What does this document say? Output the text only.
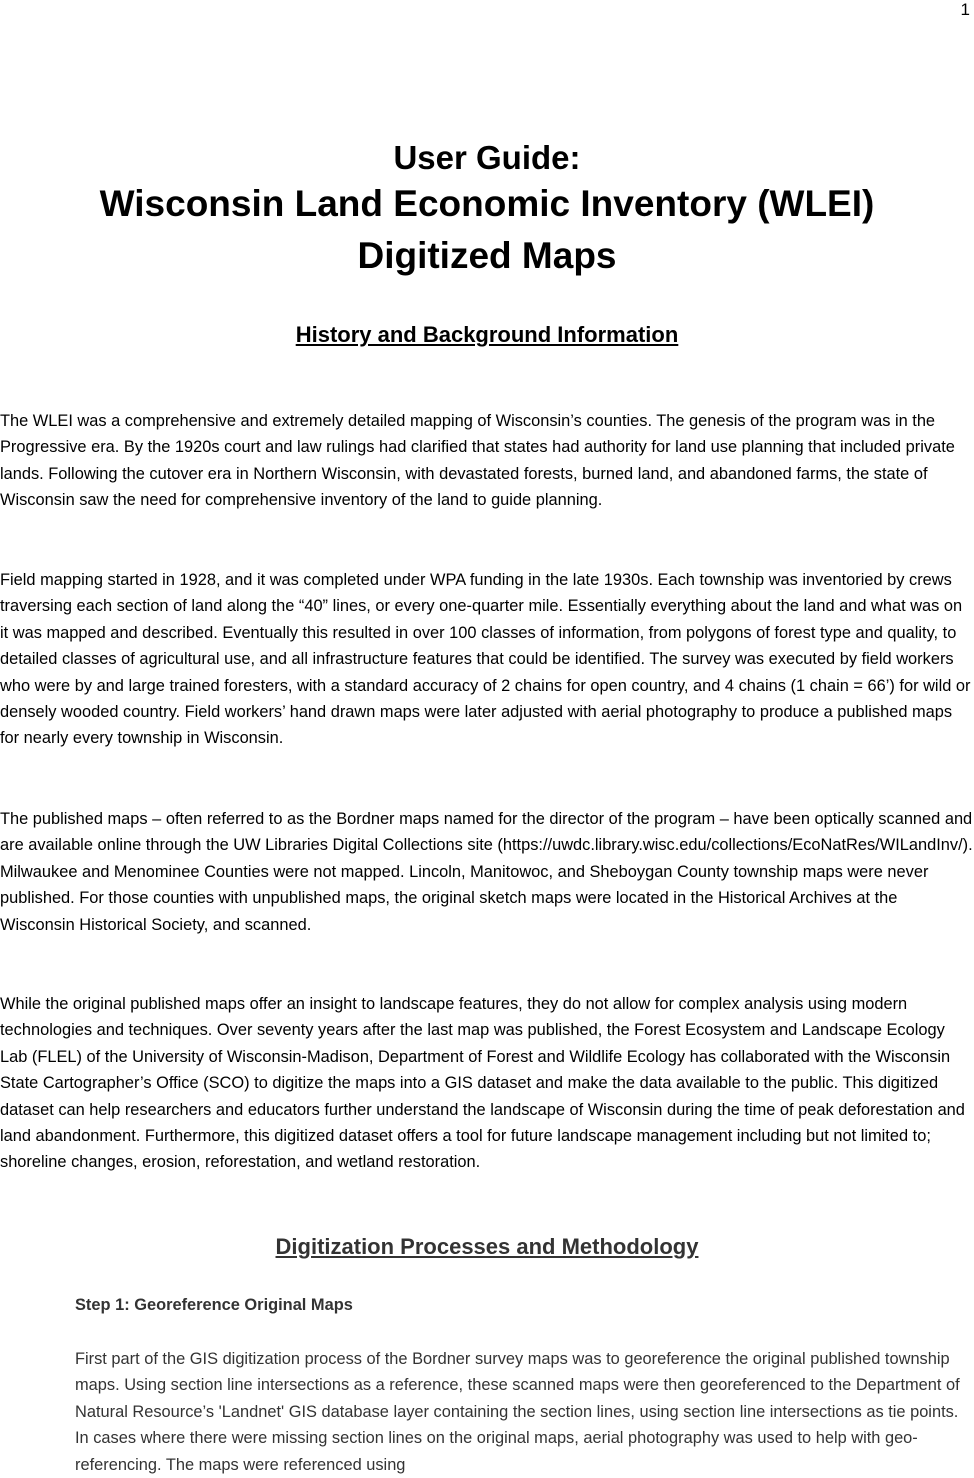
1
User Guide:
Wisconsin Land Economic Inventory (WLEI) Digitized Maps
History and Background Information

The WLEI was a comprehensive and extremely detailed mapping of Wisconsin’s counties. The genesis of the program was in the Progressive era. By the 1920s court and law rulings had clarified that states had authority for land use planning that included private lands. Following the cutover era in Northern Wisconsin, with devastated forests, burned land, and abandoned farms, the state of Wisconsin saw the need for comprehensive inventory of the land to guide planning.

Field mapping started in 1928, and it was completed under WPA funding in the late 1930s. Each township was inventoried by crews traversing each section of land along the “40” lines, or every one-quarter mile. Essentially everything about the land and what was on it was mapped and described. Eventually this resulted in over 100 classes of information, from polygons of forest type and quality, to detailed classes of agricultural use, and all infrastructure features that could be identified. The survey was executed by field workers who were by and large trained foresters, with a standard accuracy of 2 chains for open country, and 4 chains (1 chain = 66’) for wild or densely wooded country. Field workers’ hand drawn maps were later adjusted with aerial photography to produce a published maps for nearly every township in Wisconsin.

The published maps – often referred to as the Bordner maps named for the director of the program – have been optically scanned and are available online through the UW Libraries Digital Collections site (https://uwdc.library.wisc.edu/collections/EcoNatRes/WILandInv/). Milwaukee and Menominee Counties were not mapped. Lincoln, Manitowoc, and Sheboygan County township maps were never published. For those counties with unpublished maps, the original sketch maps were located in the Historical Archives at the Wisconsin Historical Society, and scanned.

While the original published maps offer an insight to landscape features, they do not allow for complex analysis using modern technologies and techniques. Over seventy years after the last map was published, the Forest Ecosystem and Landscape Ecology Lab (FLEL) of the University of Wisconsin-Madison, Department of Forest and Wildlife Ecology has collaborated with the Wisconsin State Cartographer’s Office (SCO) to digitize the maps into a GIS dataset and make the data available to the public. This digitized dataset can help researchers and educators further understand the landscape of Wisconsin during the time of peak deforestation and land abandonment. Furthermore, this digitized dataset offers a tool for future landscape management including but not limited to; shoreline changes, erosion, reforestation, and wetland restoration.

Digitization Processes and Methodology
Step 1: Georeference Original Maps

First part of the GIS digitization process of the Bordner survey maps was to georeference the original published township maps. Using section line intersections as a reference, these scanned maps were then georeferenced to the Department of Natural Resource’s 'Landnet' GIS database layer containing the section lines, using section line intersections as tie points. In cases where there were missing section lines on the original maps, aerial photography was used to help with geo-referencing. The maps were referenced using
